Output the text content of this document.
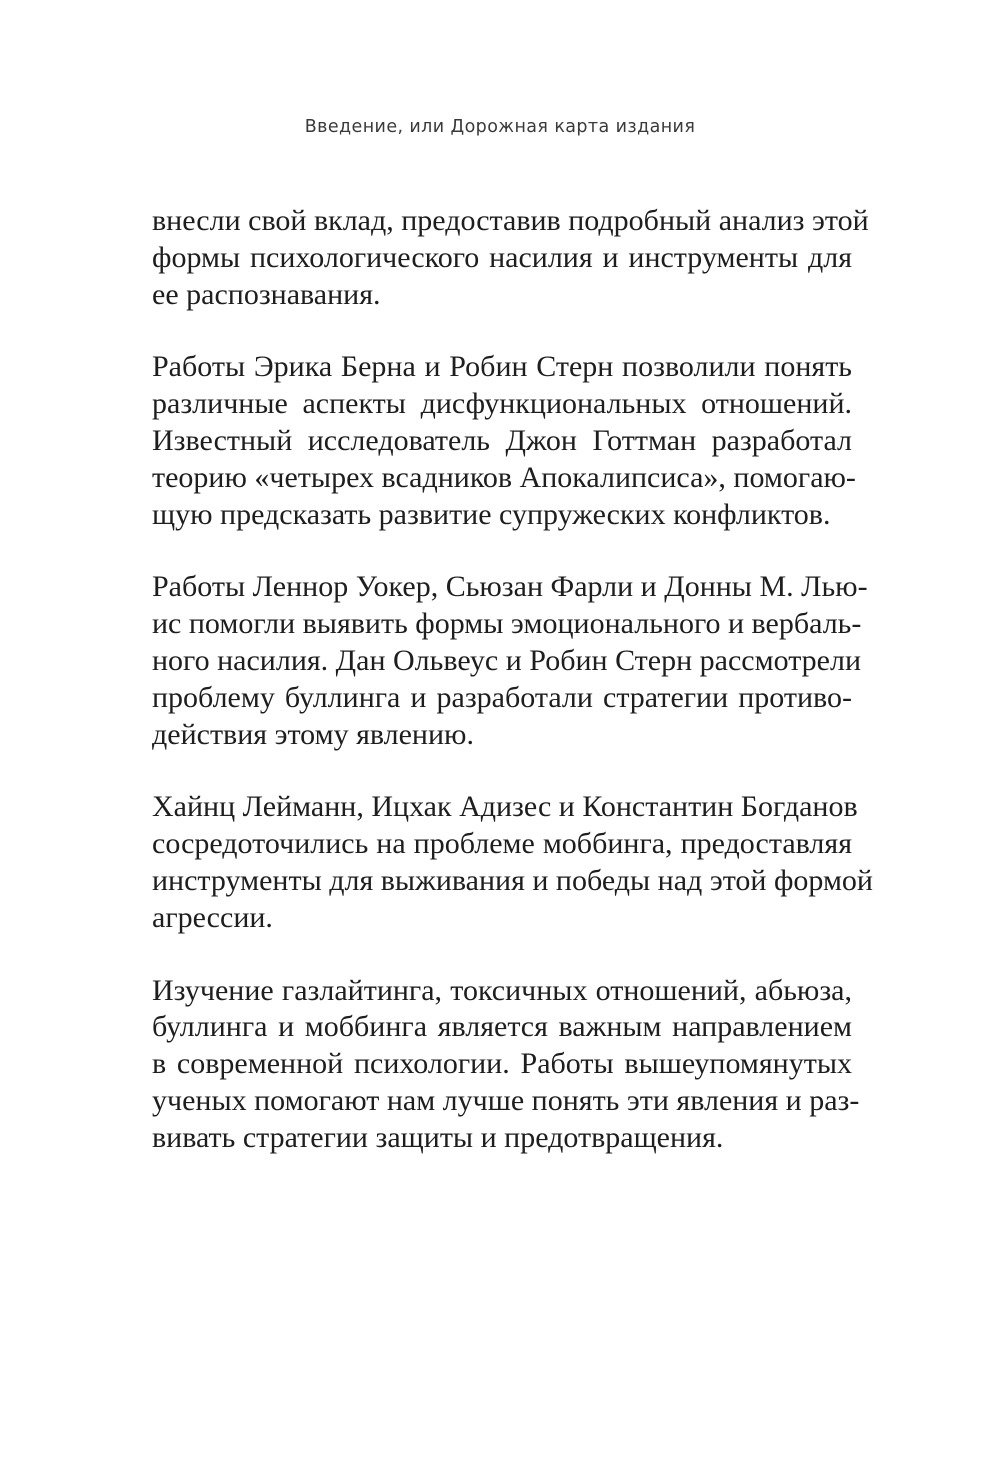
Введение, или Дорожная карта издания

внесли свой вклад, предоставив подробный анализ этой
формы психологического насилия и инструменты для
ее распознавания.

Работы Эрика Берна и Робин Стерн позволили понять
различные аспекты дисфункциональных отношений.
Известный исследователь Джон Готтман разработал
теорию «четырех всадников Апокалипсиса», помогаю-
щую предсказать развитие супружеских конфликтов.

Работы Леннор Уокер, Сьюзан Фарли и Донны М. Лью-
ис помогли выявить формы эмоционального и вербаль-
ного насилия. Дан Ольвеус и Робин Стерн рассмотрели
проблему буллинга и разработали стратегии противо-
действия этому явлению.

Хайнц Лейманн, Ицхак Адизес и Константин Богданов
сосредоточились на проблеме моббинга, предоставляя
инструменты для выживания и победы над этой формой
агрессии.

Изучение газлайтинга, токсичных отношений, абьюза,
буллинга и моббинга является важным направлением
в современной психологии. Работы вышеупомянутых
ученых помогают нам лучше понять эти явления и раз-
вивать стратегии защиты и предотвращения.
